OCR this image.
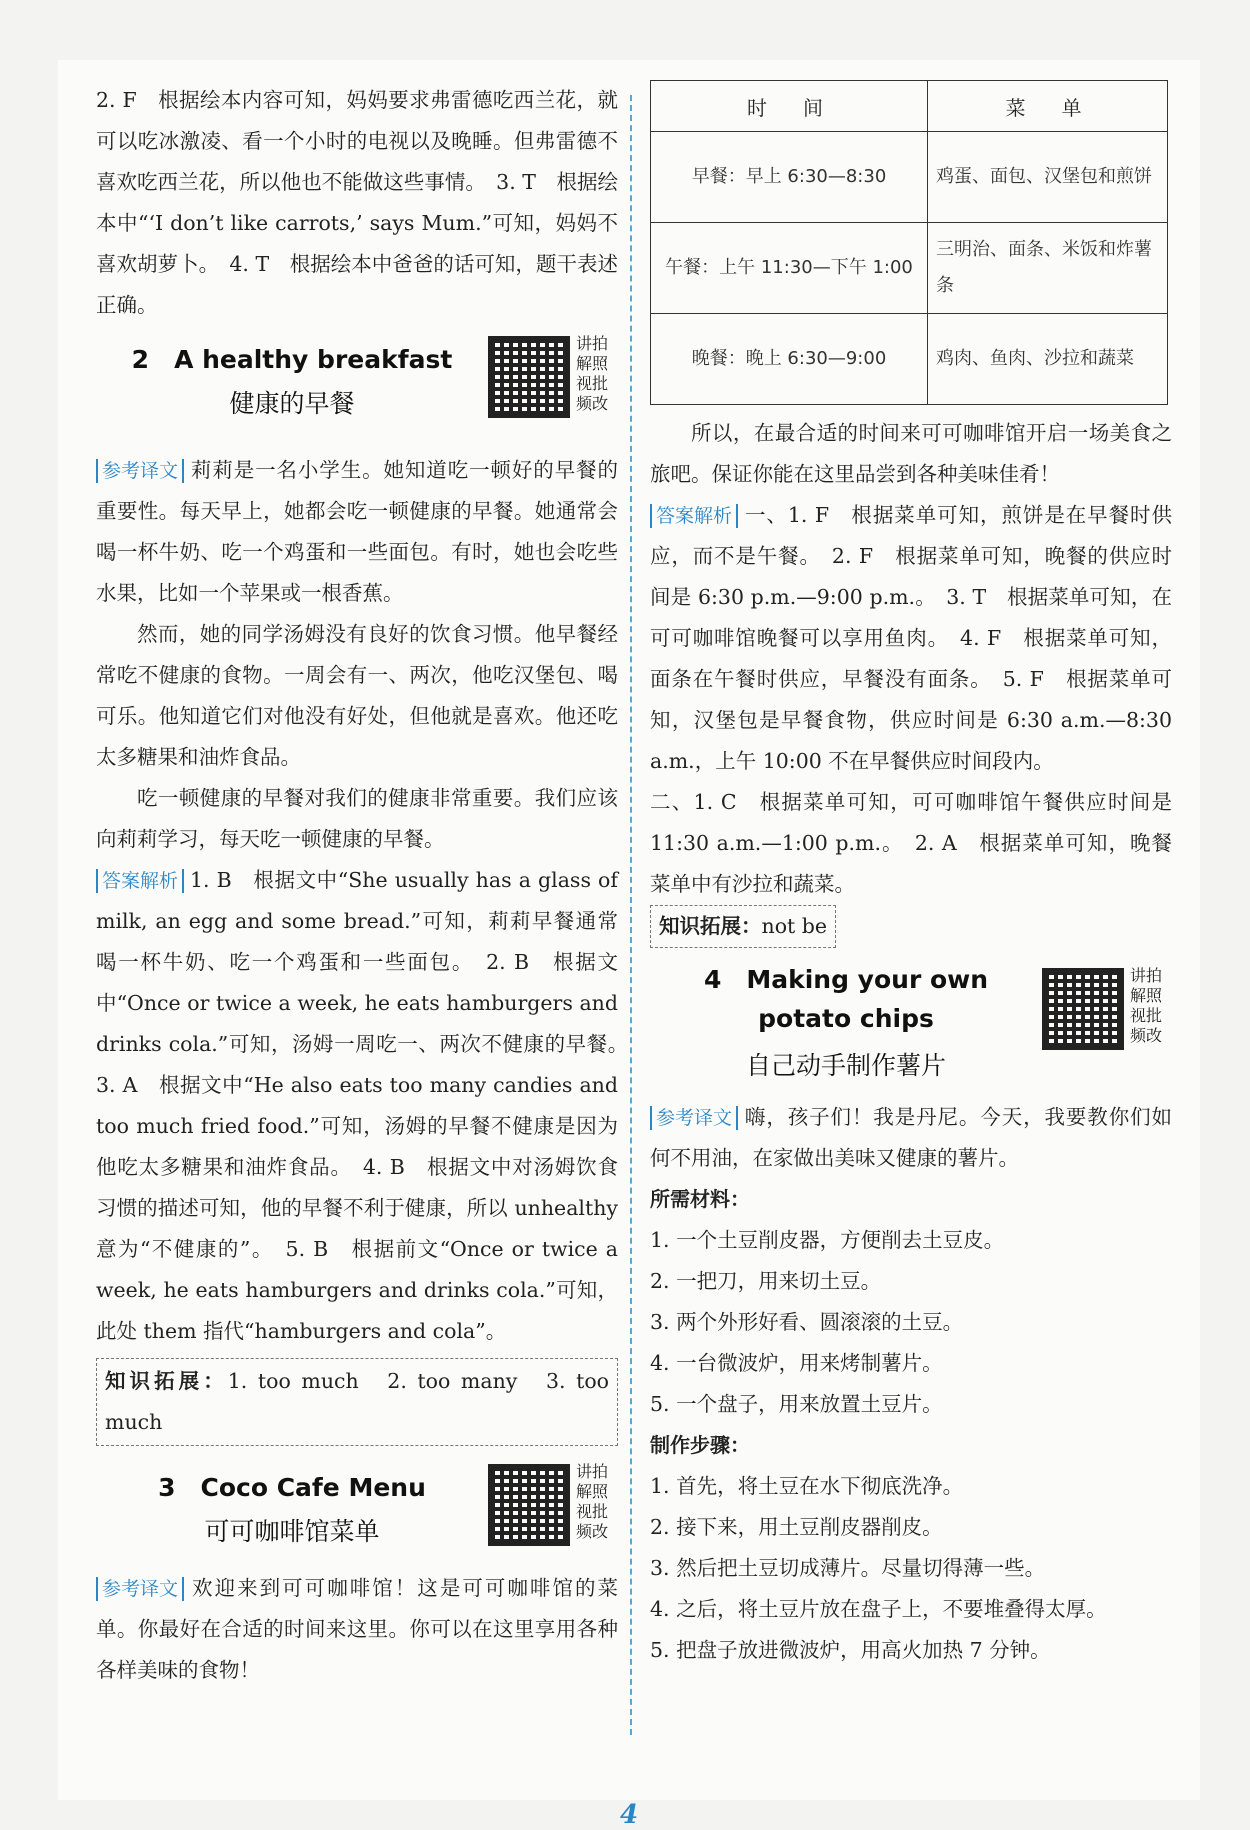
2. F　根据绘本内容可知，妈妈要求弗雷德吃西兰花，就可以吃冰激凌、看一个小时的电视以及晚睡。但弗雷德不喜欢吃西兰花，所以他也不能做这些事情。　3. T　根据绘本中“‘I don’t like carrots,’ says Mum.”可知，妈妈不喜欢胡萝卜。　4. T　根据绘本中爸爸的话可知，题干表述正确。

2　A healthy breakfast
健康的早餐
讲拍解照视批频改

参考译文 莉莉是一名小学生。她知道吃一顿好的早餐的重要性。每天早上，她都会吃一顿健康的早餐。她通常会喝一杯牛奶、吃一个鸡蛋和一些面包。有时，她也会吃些水果，比如一个苹果或一根香蕉。

然而，她的同学汤姆没有良好的饮食习惯。他早餐经常吃不健康的食物。一周会有一、两次，他吃汉堡包、喝可乐。他知道它们对他没有好处，但他就是喜欢。他还吃太多糖果和油炸食品。

吃一顿健康的早餐对我们的健康非常重要。我们应该向莉莉学习，每天吃一顿健康的早餐。

答案解析 1. B　根据文中“She usually has a glass of milk, an egg and some bread.”可知，莉莉早餐通常喝一杯牛奶、吃一个鸡蛋和一些面包。　2. B　根据文中“Once or twice a week, he eats hamburgers and drinks cola.”可知，汤姆一周吃一、两次不健康的早餐。　3. A　根据文中“He also eats too many candies and too much fried food.”可知，汤姆的早餐不健康是因为他吃太多糖果和油炸食品。　4. B　根据文中对汤姆饮食习惯的描述可知，他的早餐不利于健康，所以 unhealthy 意为“不健康的”。　5. B　根据前文“Once or twice a week, he eats hamburgers and drinks cola.”可知，此处 them 指代“hamburgers and cola”。

知识拓展：1. too much　2. too many　3. too much

3　Coco Cafe Menu
可可咖啡馆菜单
讲拍解照视批频改

参考译文 欢迎来到可可咖啡馆！这是可可咖啡馆的菜单。你最好在合适的时间来这里。你可以在这里享用各种各样美味的食物！

时　间	菜　单
早餐：早上 6:30—8:30	鸡蛋、面包、汉堡包和煎饼
午餐：上午 11:30—下午 1:00	三明治、面条、米饭和炸薯条
晚餐：晚上 6:30—9:00	鸡肉、鱼肉、沙拉和蔬菜

所以，在最合适的时间来可可咖啡馆开启一场美食之旅吧。保证你能在这里品尝到各种美味佳肴！

答案解析 一、1. F　根据菜单可知，煎饼是在早餐时供应，而不是午餐。　2. F　根据菜单可知，晚餐的供应时间是 6:30 p.m.—9:00 p.m.。　3. T　根据菜单可知，在可可咖啡馆晚餐可以享用鱼肉。　4. F　根据菜单可知，面条在午餐时供应，早餐没有面条。　5. F　根据菜单可知，汉堡包是早餐食物，供应时间是 6:30 a.m.—8:30 a.m.，上午 10:00 不在早餐供应时间段内。

二、1. C　根据菜单可知，可可咖啡馆午餐供应时间是 11:30 a.m.—1:00 p.m.。　2. A　根据菜单可知，晚餐菜单中有沙拉和蔬菜。

知识拓展：not be

4　Making your own
potato chips
自己动手制作薯片
讲拍解照视批频改

参考译文 嗨，孩子们！我是丹尼。今天，我要教你们如何不用油，在家做出美味又健康的薯片。

所需材料：
1. 一个土豆削皮器，方便削去土豆皮。
2. 一把刀，用来切土豆。
3. 两个外形好看、圆滚滚的土豆。
4. 一台微波炉，用来烤制薯片。
5. 一个盘子，用来放置土豆片。
制作步骤：
1. 首先，将土豆在水下彻底洗净。
2. 接下来，用土豆削皮器削皮。
3. 然后把土豆切成薄片。尽量切得薄一些。
4. 之后，将土豆片放在盘子上，不要堆叠得太厚。
5. 把盘子放进微波炉，用高火加热 7 分钟。
4
